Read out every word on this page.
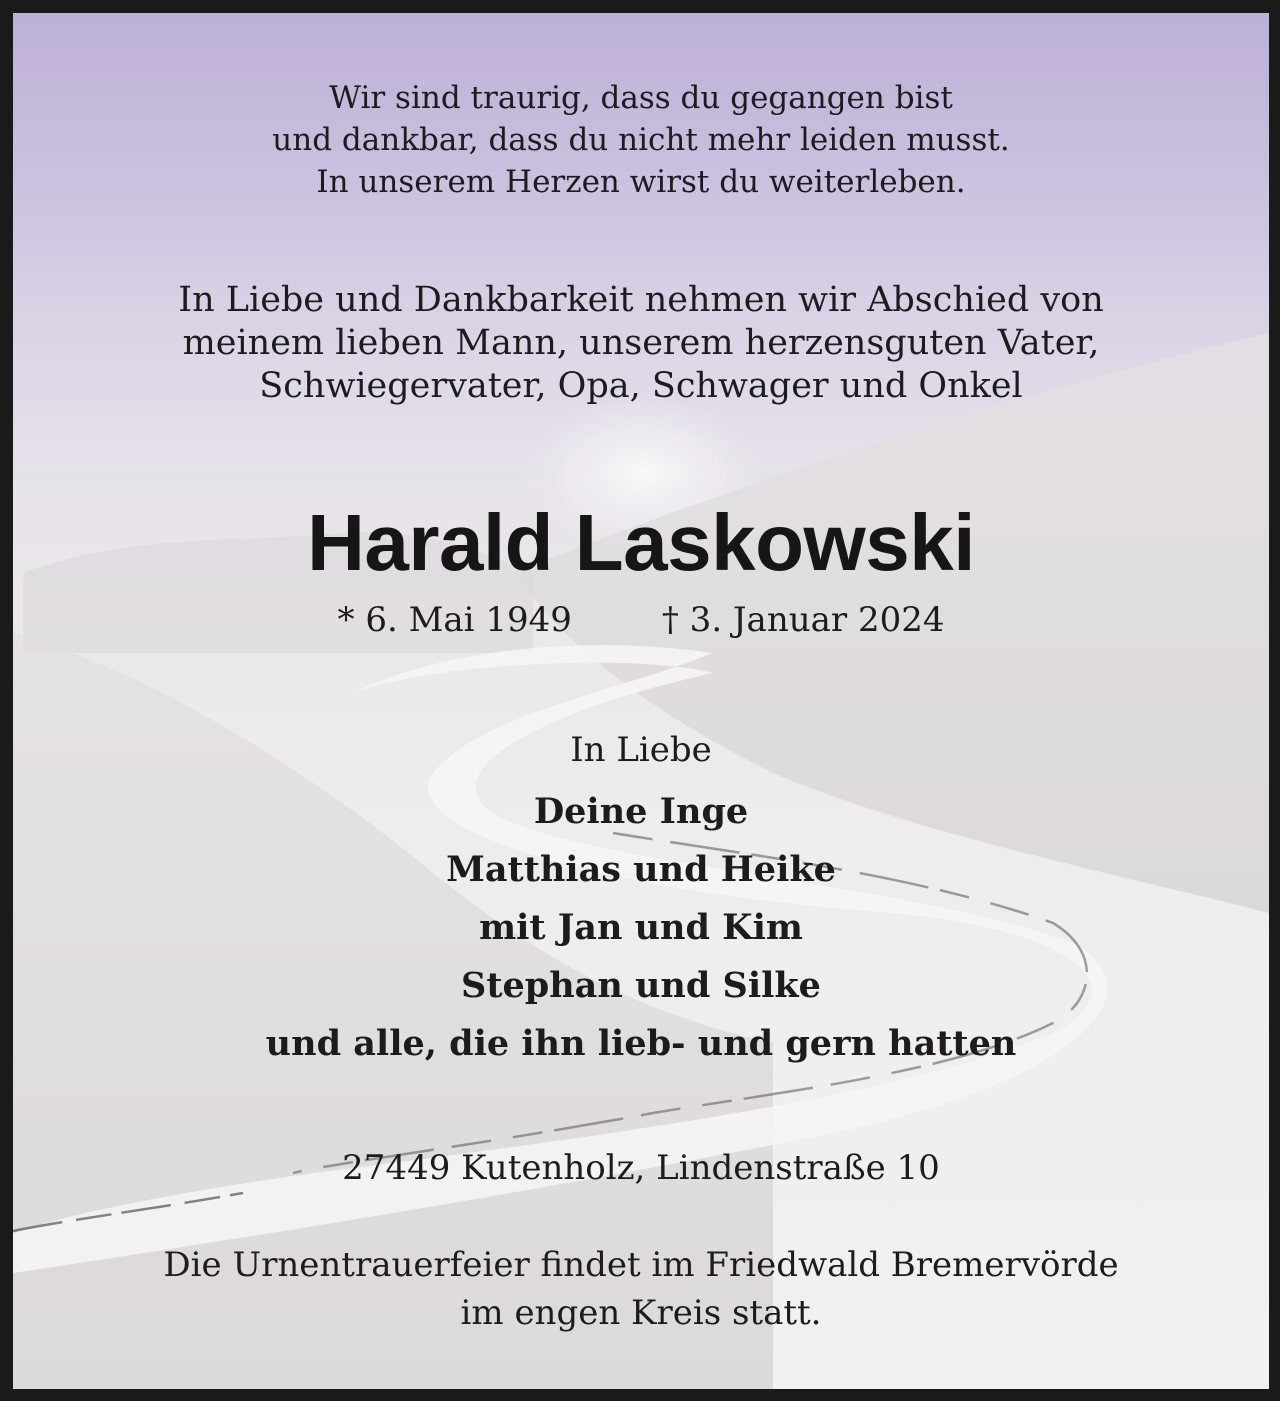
Wir sind traurig, dass du gegangen bist
und dankbar, dass du nicht mehr leiden musst.
In unserem Herzen wirst du weiterleben.
In Liebe und Dankbarkeit nehmen wir Abschied von
meinem lieben Mann, unserem herzensguten Vater,
Schwiegervater, Opa, Schwager und Onkel
Harald Laskowski
* 6. Mai 1949	† 3. Januar 2024
In Liebe
Deine Inge
Matthias und Heike
mit Jan und Kim
Stephan und Silke
und alle, die ihn lieb- und gern hatten
27449 Kutenholz, Lindenstraße 10
Die Urnentrauerfeier findet im Friedwald Bremervörde
im engen Kreis statt.
